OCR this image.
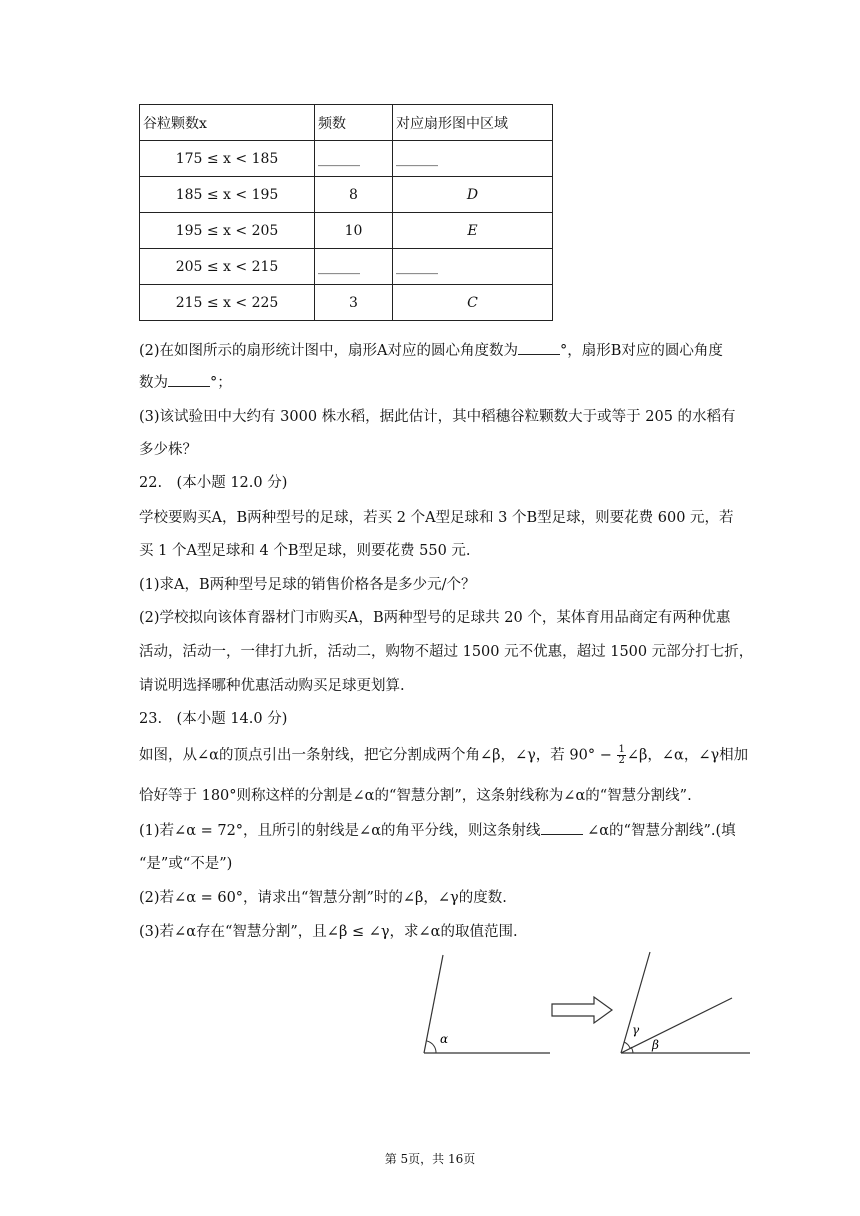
谷粒颗数x	频数	对应扇形图中区域
175 ≤ x < 185	______	______
185 ≤ x < 195	8	D
195 ≤ x < 205	10	E
205 ≤ x < 215	______	______
215 ≤ x < 225	3	C
(2)在如图所示的扇形统计图中，扇形A对应的圆心角度数为	°，扇形B对应的圆心角度
数为	°；
(3)该试验田中大约有 3000 株水稻，据此估计，其中稻穗谷粒颗数大于或等于 205 的水稻有
多少株？
22.　(本小题 12.0 分)
学校要购买A，B两种型号的足球，若买 2 个A型足球和 3 个B型足球，则要花费 600 元，若
买 1 个A型足球和 4 个B型足球，则要花费 550 元.
(1)求A，B两种型号足球的销售价格各是多少元/个？
(2)学校拟向该体育器材门市购买A，B两种型号的足球共 20 个，某体育用品商定有两种优惠
活动，活动一，一律打九折，活动二，购物不超过 1500 元不优惠，超过 1500 元部分打七折，
请说明选择哪种优惠活动购买足球更划算.
23.　(本小题 14.0 分)
如图，从∠α的顶点引出一条射线，把它分割成两个角∠β，∠γ，若 $90^\circ - \frac{1}{2}$ ∠β，∠α，∠γ相加
恰好等于 180°则称这样的分割是∠α的“智慧分割”，这条射线称为∠α的“智慧分割线”.
(1)若∠α = 72°，且所引的射线是∠α的角平分线，则这条射线	∠α的“智慧分割线”.(填
“是”或“不是”)
(2)若∠α = 60°，请求出“智慧分割”时的∠β，∠γ的度数.
(3)若∠α存在“智慧分割”，且∠β ≤ ∠γ，求∠α的取值范围.
α
γ
β
第 5页，共 16页
